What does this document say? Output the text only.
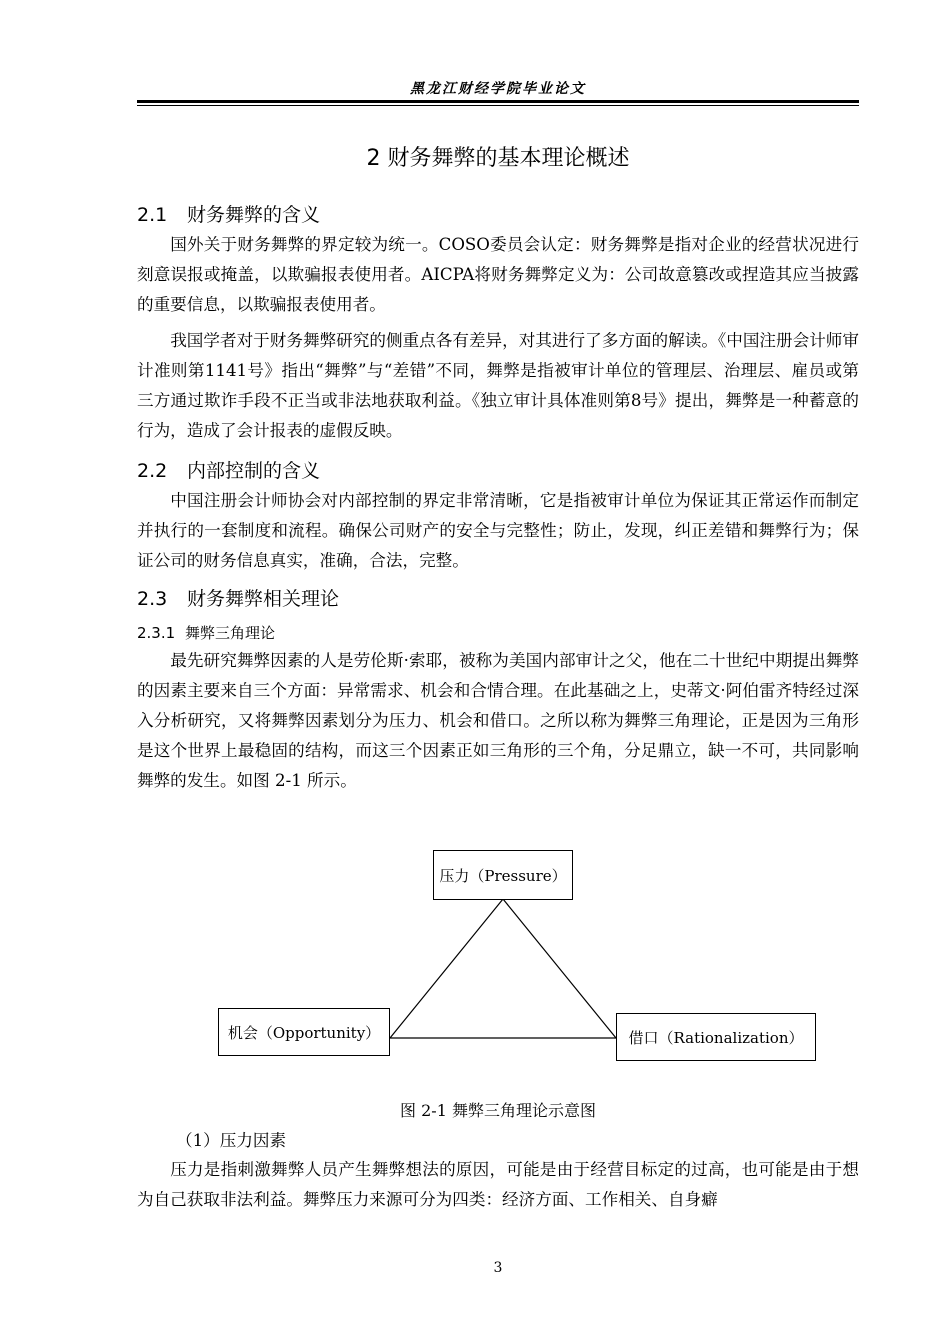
黑龙江财经学院毕业论文
2 财务舞弊的基本理论概述
2.1 财务舞弊的含义

国外关于财务舞弊的界定较为统一。COSO委员会认定：财务舞弊是指对企业的经营状况进行刻意误报或掩盖，以欺骗报表使用者。AICPA将财务舞弊定义为：公司故意篡改或捏造其应当披露的重要信息，以欺骗报表使用者。

我国学者对于财务舞弊研究的侧重点各有差异，对其进行了多方面的解读。《中国注册会计师审计准则第1141号》指出“舞弊”与“差错”不同，舞弊是指被审计单位的管理层、治理层、雇员或第三方通过欺诈手段不正当或非法地获取利益。《独立审计具体准则第8号》提出，舞弊是一种蓄意的行为，造成了会计报表的虚假反映。

2.2 内部控制的含义

中国注册会计师协会对内部控制的界定非常清晰，它是指被审计单位为保证其正常运作而制定并执行的一套制度和流程。确保公司财产的安全与完整性；防止，发现，纠正差错和舞弊行为；保证公司的财务信息真实，准确，合法，完整。

2.3 财务舞弊相关理论
2.3.1 舞弊三角理论

最先研究舞弊因素的人是劳伦斯·索耶，被称为美国内部审计之父，他在二十世纪中期提出舞弊的因素主要来自三个方面：异常需求、机会和合情合理。在此基础之上，史蒂文·阿伯雷齐特经过深入分析研究，又将舞弊因素划分为压力、机会和借口。之所以称为舞弊三角理论，正是因为三角形是这个世界上最稳固的结构，而这三个因素正如三角形的三个角，分足鼎立，缺一不可，共同影响舞弊的发生。如图 2-1 所示。

压力（Pressure）
机会（Opportunity）	借口（Rationalization）
图 2-1 舞弊三角理论示意图
（1）压力因素

压力是指刺激舞弊人员产生舞弊想法的原因，可能是由于经营目标定的过高，也可能是由于想为自己获取非法利益。舞弊压力来源可分为四类：经济方面、工作相关、自身癖

3
